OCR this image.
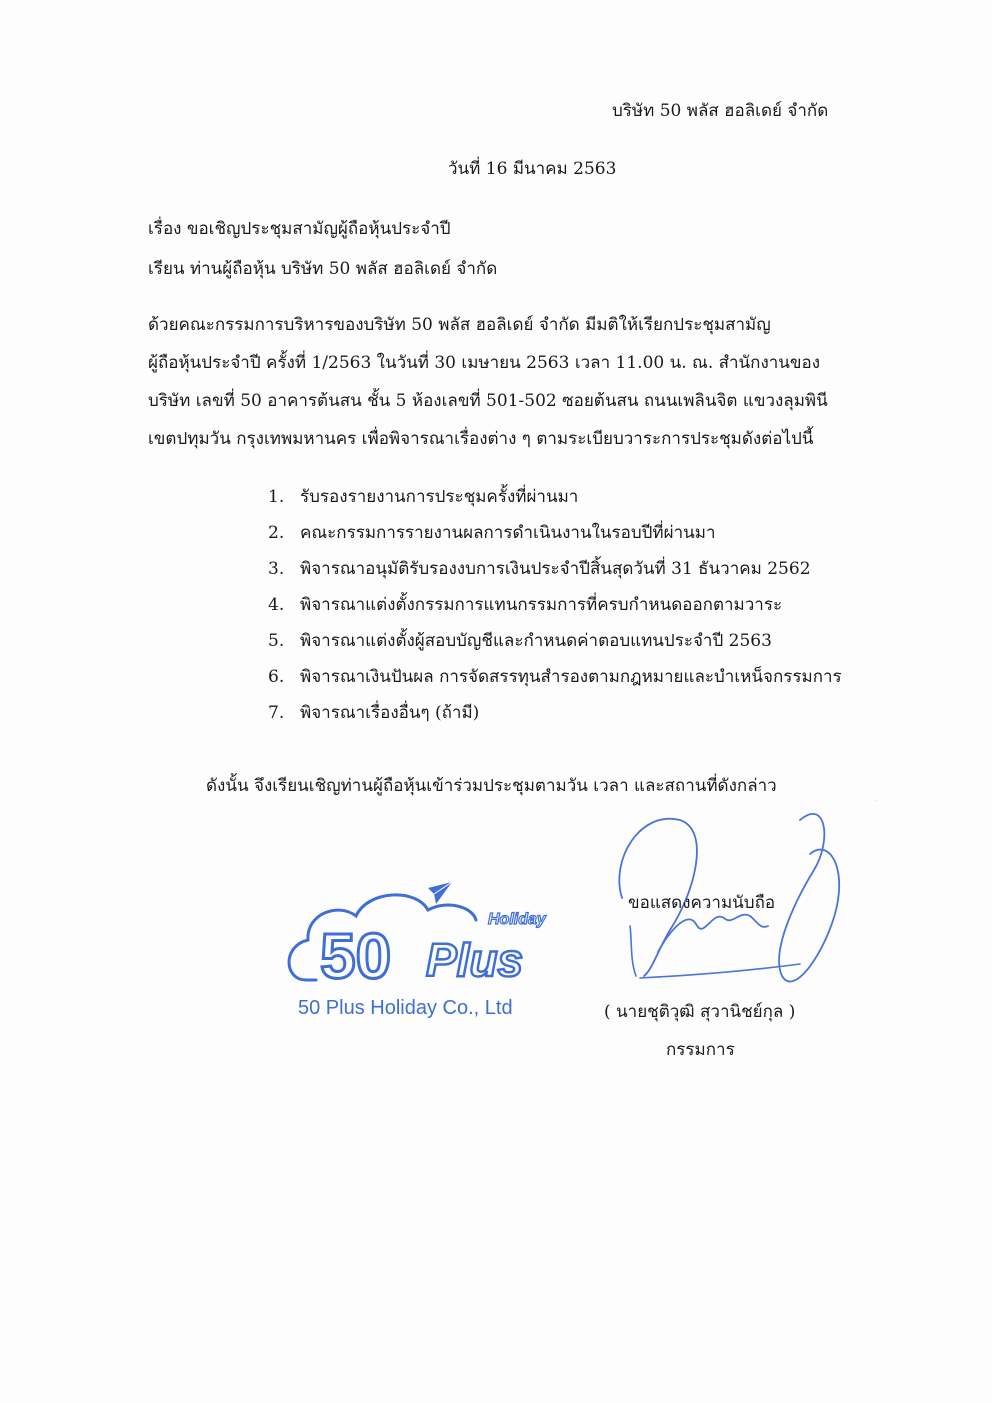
บริษัท 50 พลัส ฮอลิเดย์ จำกัด
วันที่ 16 มีนาคม 2563
เรื่อง ขอเชิญประชุมสามัญผู้ถือหุ้นประจำปี
เรียน ท่านผู้ถือหุ้น บริษัท 50 พลัส ฮอลิเดย์ จำกัด
ด้วยคณะกรรมการบริหารของบริษัท 50 พลัส ฮอลิเดย์ จำกัด มีมติให้เรียกประชุมสามัญ
ผู้ถือหุ้นประจำปี ครั้งที่ 1/2563 ในวันที่ 30 เมษายน 2563 เวลา 11.00 น. ณ. สำนักงานของ
บริษัท เลขที่ 50 อาคารต้นสน ชั้น 5 ห้องเลขที่ 501-502 ซอยต้นสน ถนนเพลินจิต แขวงลุมพินี
เขตปทุมวัน กรุงเทพมหานคร เพื่อพิจารณาเรื่องต่าง ๆ ตามระเบียบวาระการประชุมดังต่อไปนี้
1. รับรองรายงานการประชุมครั้งที่ผ่านมา
2. คณะกรรมการรายงานผลการดำเนินงานในรอบปีที่ผ่านมา
3. พิจารณาอนุมัติรับรองงบการเงินประจำปีสิ้นสุดวันที่ 31 ธันวาคม 2562
4. พิจารณาแต่งตั้งกรรมการแทนกรรมการที่ครบกำหนดออกตามวาระ
5. พิจารณาแต่งตั้งผู้สอบบัญชีและกำหนดค่าตอบแทนประจำปี 2563
6. พิจารณาเงินปันผล การจัดสรรทุนสำรองตามกฎหมายและบำเหน็จกรรมการ
7. พิจารณาเรื่องอื่นๆ (ถ้ามี)
ดังนั้น จึงเรียนเชิญท่านผู้ถือหุ้นเข้าร่วมประชุมตามวัน เวลา และสถานที่ดังกล่าว
50 Plus
Holiday
50 Plus Holiday Co., Ltd
ขอแสดงความนับถือ
( นายชุติวุฒิ สุวานิชย์กุล )
กรรมการ
